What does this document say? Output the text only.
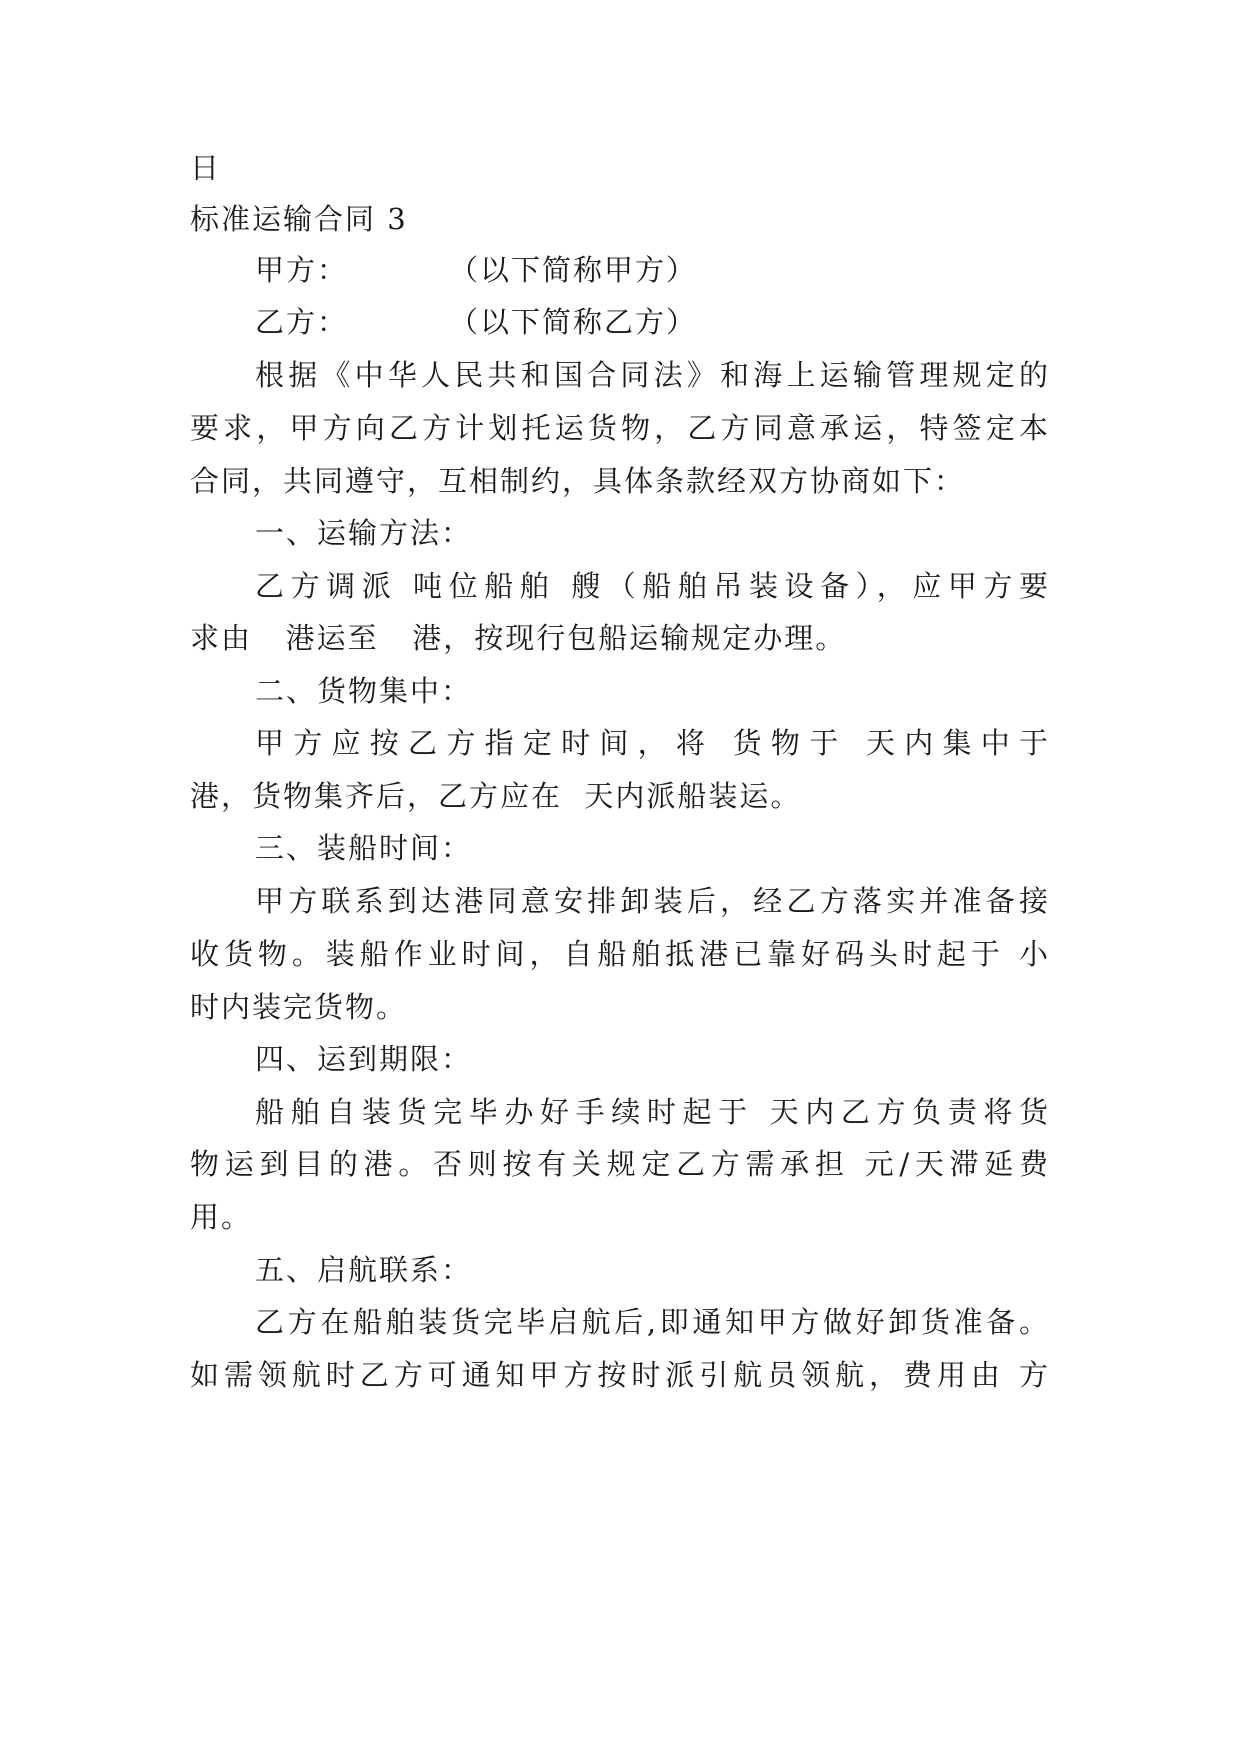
日
标准运输合同 3
甲方：         （以下简称甲方）
乙方：         （以下简称乙方）
根据《中华人民共和国合同法》和海上运输管理规定的
要求，甲方向乙方计划托运货物，乙方同意承运，特签定本
合同，共同遵守，互相制约，具体条款经双方协商如下：
一、运输方法：
乙方调派 吨位船舶 艘（船舶吊装设备），应甲方要
求由   港运至   港，按现行包船运输规定办理。
二、货物集中：
甲方应按乙方指定时间，将 货物于 天内集中于
港，货物集齐后，乙方应在  天内派船装运。
三、装船时间：
甲方联系到达港同意安排卸装后，经乙方落实并准备接
收货物。装船作业时间，自船舶抵港已靠好码头时起于 小
时内装完货物。
四、运到期限：
船舶自装货完毕办好手续时起于 天内乙方负责将货
物运到目的港。否则按有关规定乙方需承担 元/天滞延费
用。
五、启航联系：
乙方在船舶装货完毕启航后,即通知甲方做好卸货准备。
如需领航时乙方可通知甲方按时派引航员领航，费用由 方
